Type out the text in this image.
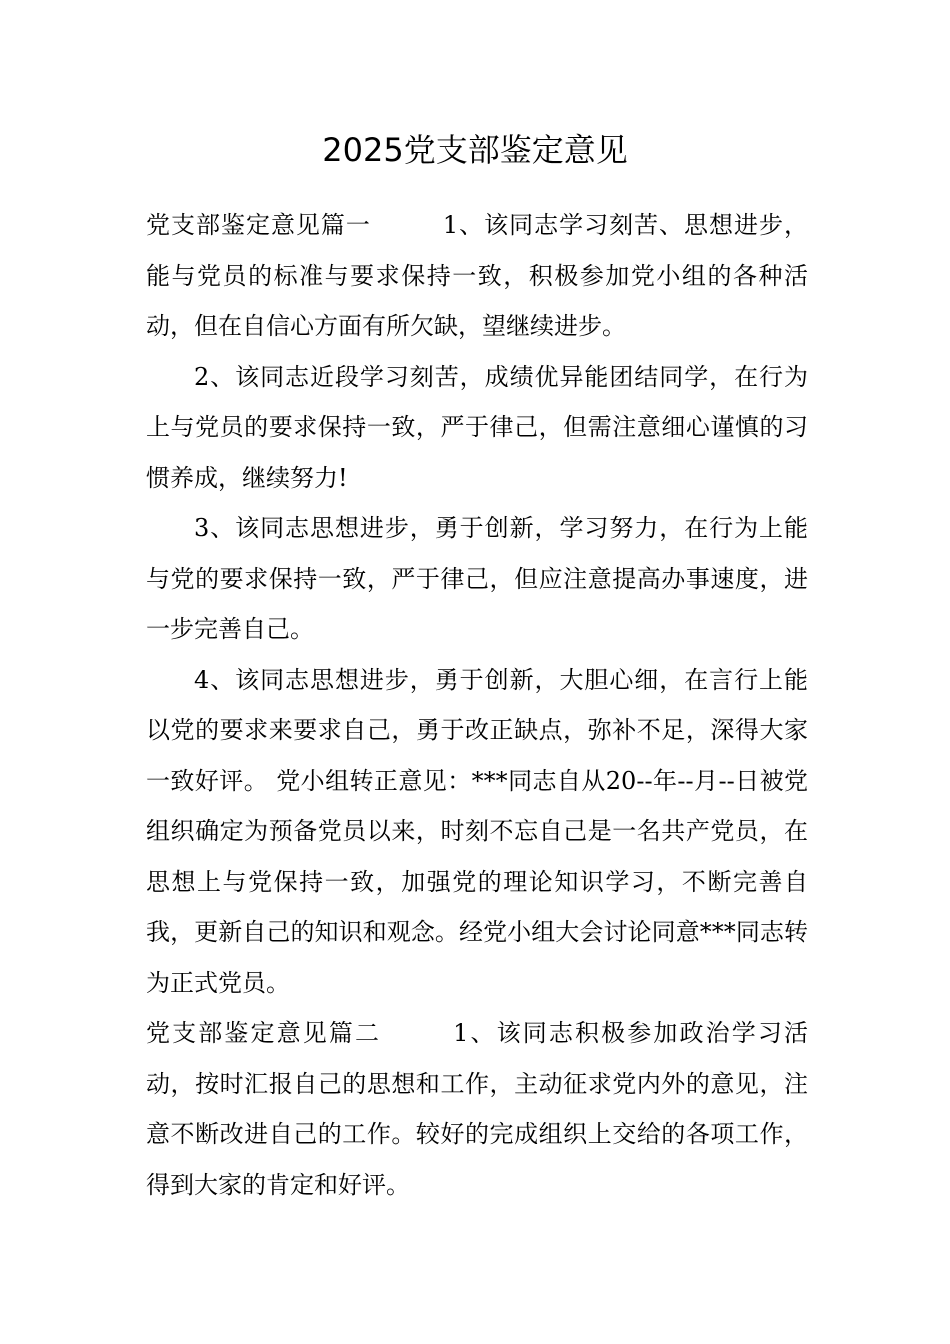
2025党支部鉴定意见

党支部鉴定意见篇一	1、该同志学习刻苦、思想进步，能与党员的标准与要求保持一致，积极参加党小组的各种活动，但在自信心方面有所欠缺，望继续进步。

2、该同志近段学习刻苦，成绩优异能团结同学，在行为上与党员的要求保持一致，严于律己，但需注意细心谨慎的习惯养成，继续努力!

3、该同志思想进步，勇于创新，学习努力，在行为上能与党的要求保持一致，严于律己，但应注意提高办事速度，进一步完善自己。

4、该同志思想进步，勇于创新，大胆心细，在言行上能以党的要求来要求自己，勇于改正缺点，弥补不足，深得大家一致好评。 党小组转正意见：***同志自从20--年--月--日被党组织确定为预备党员以来，时刻不忘自己是一名共产党员，在思想上与党保持一致，加强党的理论知识学习，不断完善自我，更新自己的知识和观念。经党小组大会讨论同意***同志转为正式党员。

党支部鉴定意见篇二	1、该同志积极参加政治学习活动，按时汇报自己的思想和工作，主动征求党内外的意见，注意不断改进自己的工作。较好的完成组织上交给的各项工作，得到大家的肯定和好评。
